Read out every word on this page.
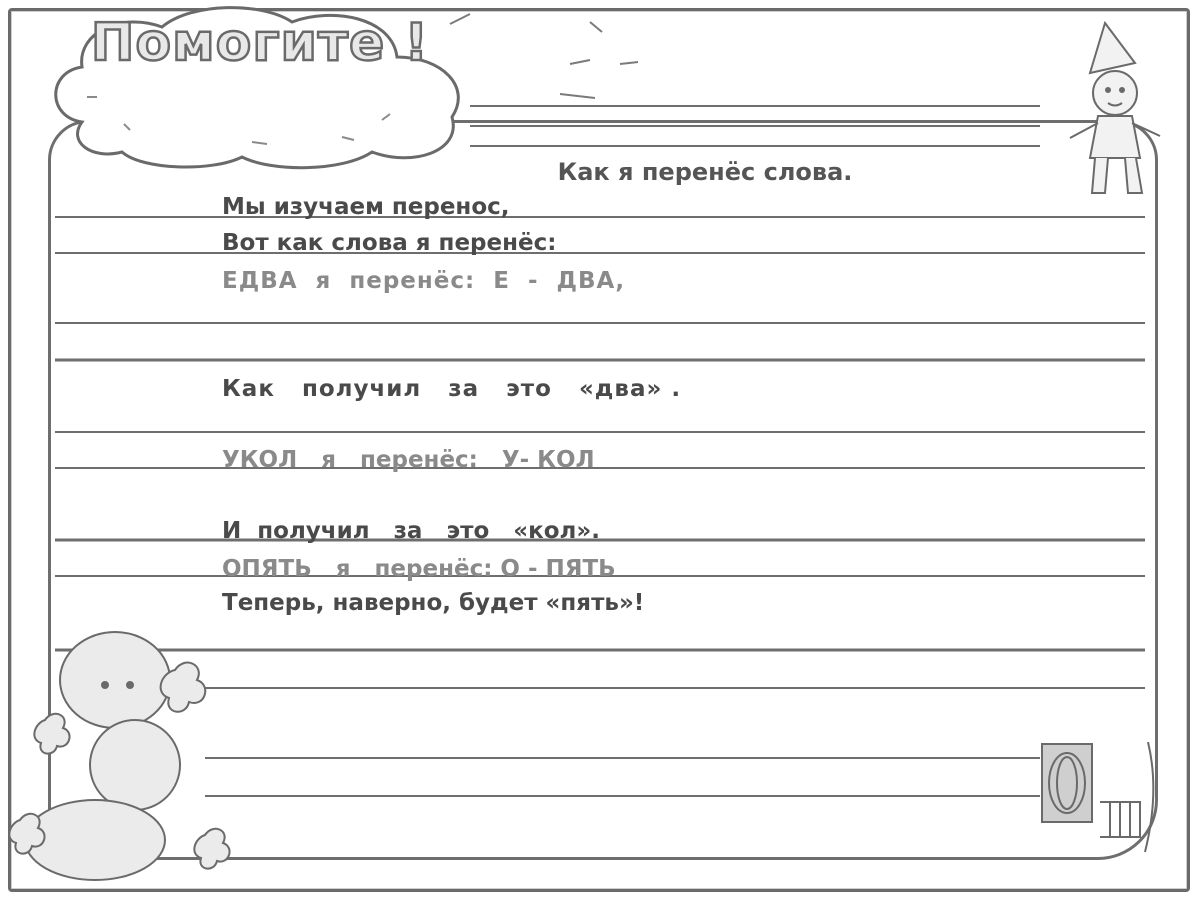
Помогите !
Как я перенёс слова.
Мы изучаем перенос,
Вот как слова я перенёс:
ЕДВА  я  перенёс:  Е  -  ДВА,
Как   получил   за   это   «два» .
УКОЛ   я   перенёс:   У- КОЛ
И  получил   за   это   «кол».
ОПЯТЬ   я   перенёс: О - ПЯТЬ
Теперь, наверно, будет «пять»!
